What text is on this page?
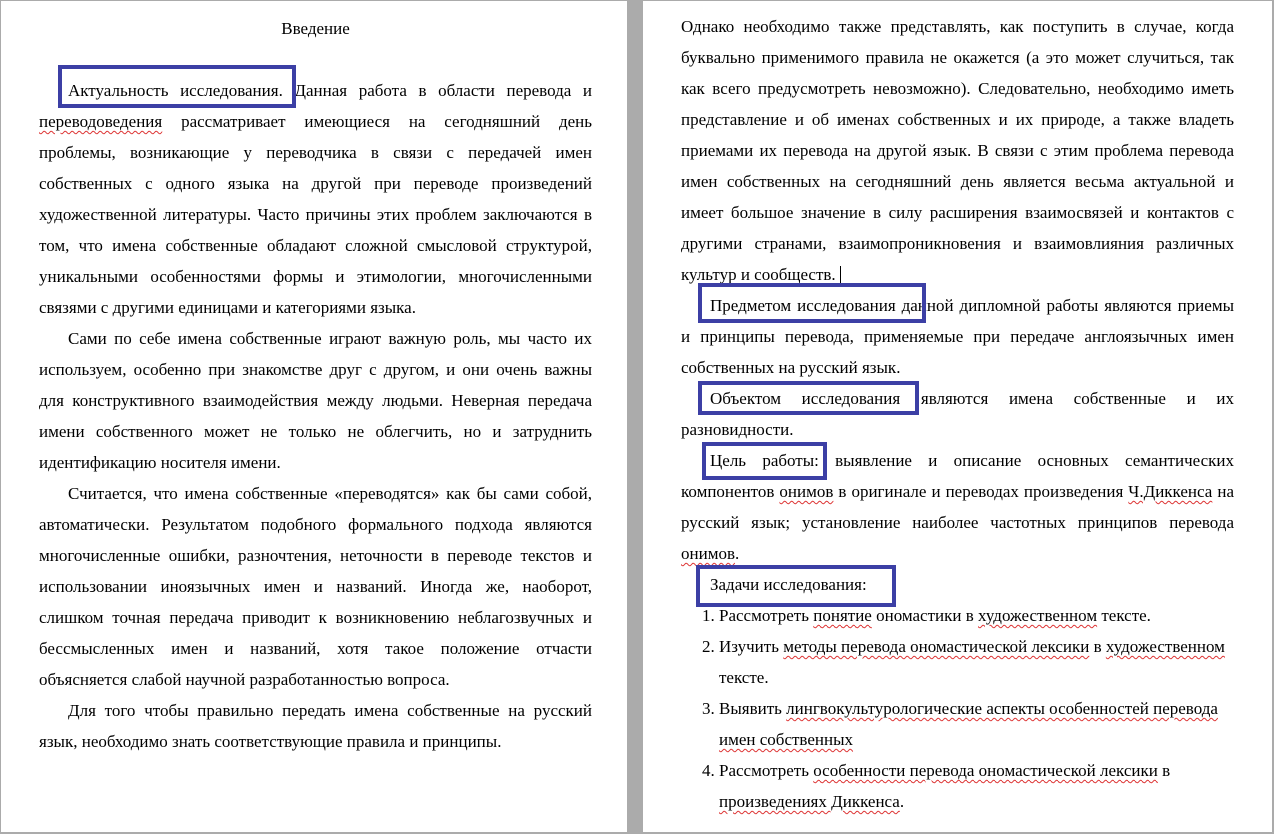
Введение

Актуальность исследования. Данная работа в области перевода и переводоведения рассматривает имеющиеся на сегодняшний день проблемы, возникающие у переводчика в связи с передачей имен собственных с одного языка на другой при переводе произведений художественной литературы. Часто причины этих проблем заключаются в том, что имена собственные обладают сложной смысловой структурой, уникальными особенностями формы и этимологии, многочисленными связями с другими единицами и категориями языка.

Сами по себе имена собственные играют важную роль, мы часто их используем, особенно при знакомстве друг с другом, и они очень важны для конструктивного взаимодействия между людьми. Неверная передача имени собственного может не только не облегчить, но и затруднить идентификацию носителя имени.

Считается, что имена собственные «переводятся» как бы сами собой, автоматически. Результатом подобного формального подхода являются многочисленные ошибки, разночтения, неточности в переводе текстов и использовании иноязычных имен и названий. Иногда же, наоборот, слишком точная передача приводит к возникновению неблагозвучных и бессмысленных имен и названий, хотя такое положение отчасти объясняется слабой научной разработанностью вопроса.

Для того чтобы правильно передать имена собственные на русский язык, необходимо знать соответствующие правила и принципы.

Однако необходимо также представлять, как поступить в случае, когда буквально применимого правила не окажется (а это может случиться, так как всего предусмотреть невозможно). Следовательно, необходимо иметь представление и об именах собственных и их природе, а также владеть приемами их перевода на другой язык. В связи с этим проблема перевода имен собственных на сегодняшний день является весьма актуальной и имеет большое значение в силу расширения взаимосвязей и контактов с другими странами, взаимопроникновения и взаимовлияния различных культур и сообществ.

Предметом исследования данной дипломной работы являются приемы и принципы перевода, применяемые при передаче англоязычных имен собственных на русский язык.

Объектом исследования являются имена собственные и их разновидности.

Цель работы: выявление и описание основных семантических компонентов онимов в оригинале и переводах произведения Ч.Диккенса на русский язык; установление наиболее частотных принципов перевода онимов.

Задачи исследования:

1. Рассмотреть понятие ономастики в художественном тексте.
2. Изучить методы перевода ономастической лексики в художественном тексте.
3. Выявить лингвокультурологические аспекты особенностей перевода имен собственных
4. Рассмотреть особенности перевода ономастической лексики в произведениях Диккенса.
